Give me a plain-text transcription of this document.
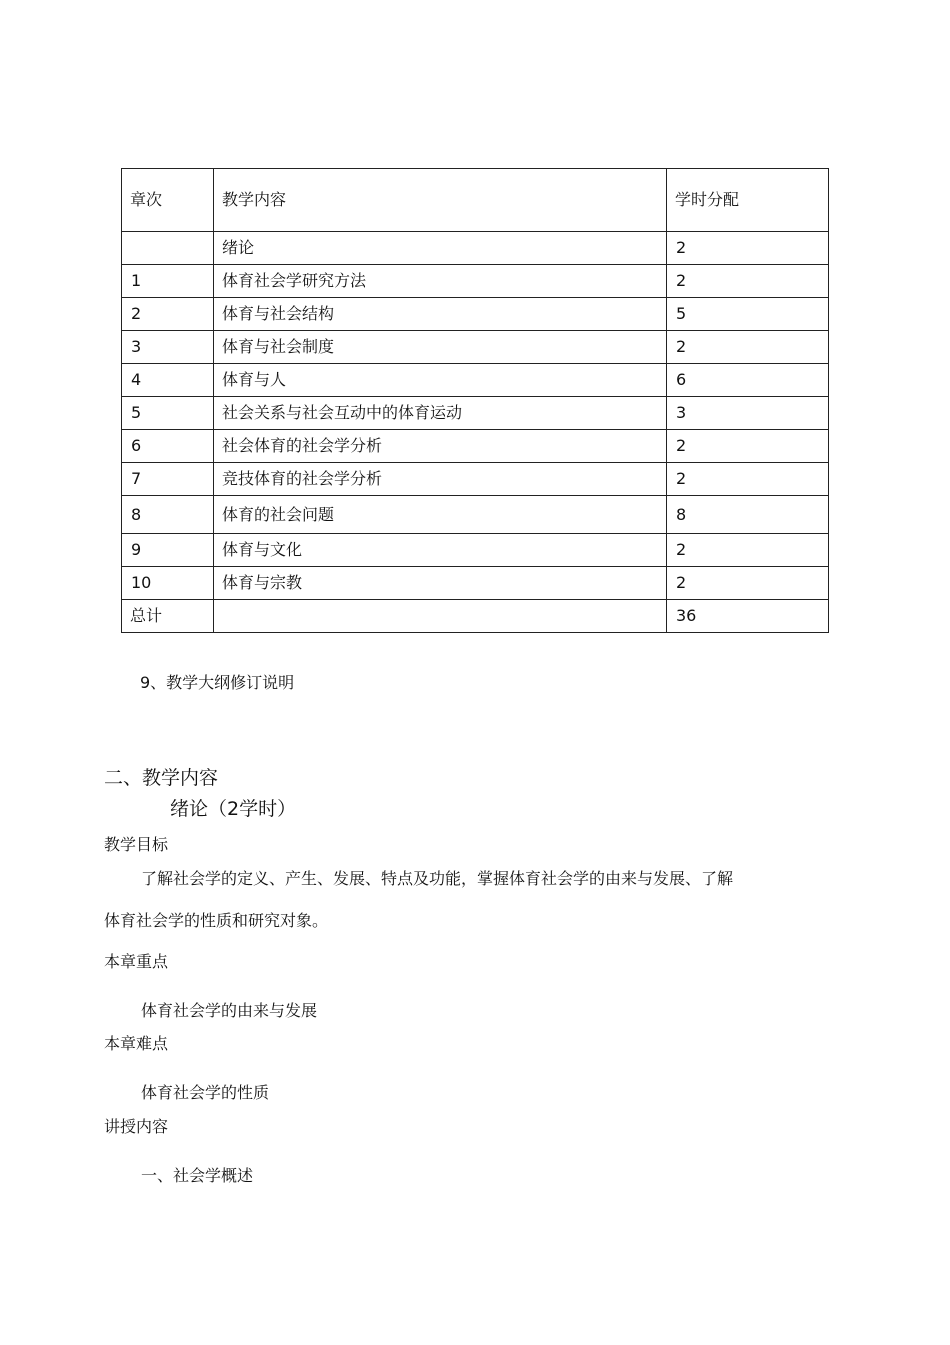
章次	教学内容	学时分配
	绪论	2
1	体育社会学研究方法	2
2	体育与社会结构	5
3	体育与社会制度	2
4	体育与人	6
5	社会关系与社会互动中的体育运动	3
6	社会体育的社会学分析	2
7	竞技体育的社会学分析	2
8	体育的社会问题	8
9	体育与文化	2
10	体育与宗教	2
总计		36
9、教学大纲修订说明
二、教学内容
绪论（2学时）
教学目标
了解社会学的定义、产生、发展、特点及功能，掌握体育社会学的由来与发展、了解
体育社会学的性质和研究对象。
本章重点
体育社会学的由来与发展
本章难点
体育社会学的性质
讲授内容
一、社会学概述
